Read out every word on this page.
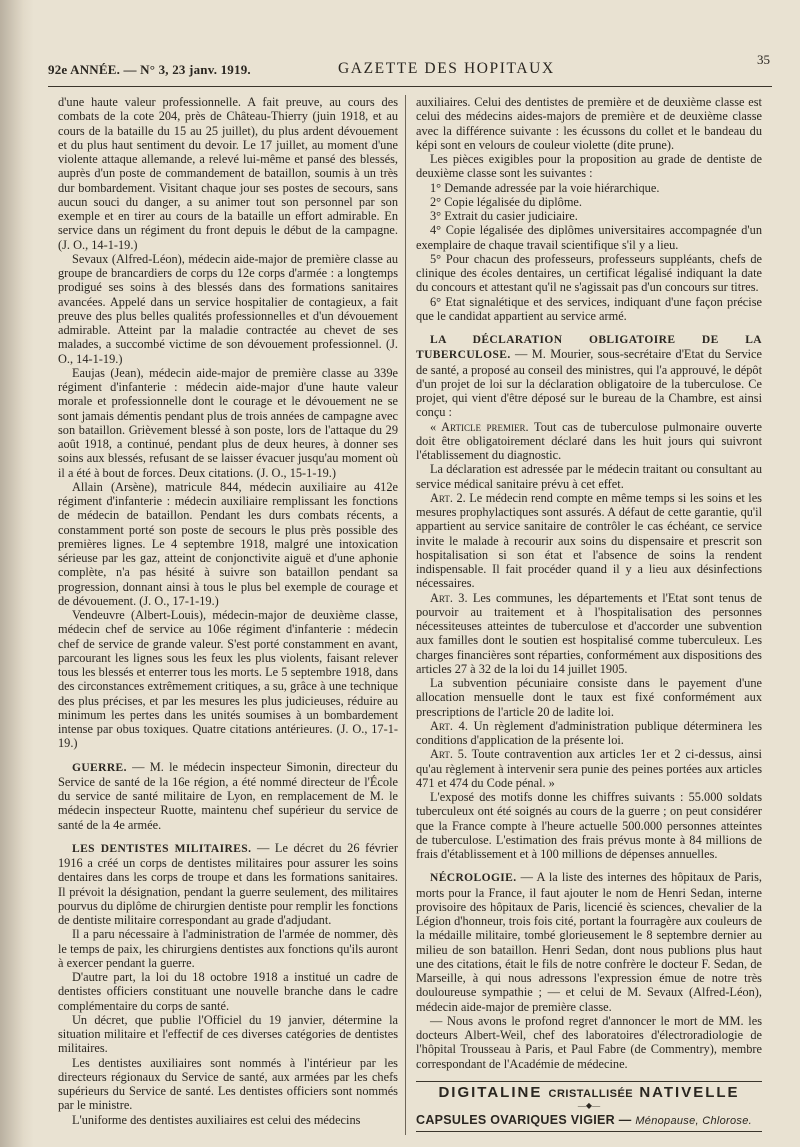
92e ANNÉE. — N° 3, 23 janv. 1919.	GAZETTE DES HOPITAUX
35

d'une haute valeur professionnelle. A fait preuve, au cours des combats de la cote 204, près de Château-Thierry (juin 1918, et au cours de la bataille du 15 au 25 juillet), du plus ardent dévouement et du plus haut sentiment du devoir. Le 17 juillet, au moment d'une violente attaque allemande, a relevé lui-même et pansé des blessés, auprès d'un poste de commandement de bataillon, soumis à un très dur bombardement. Visitant chaque jour ses postes de secours, sans aucun souci du danger, a su animer tout son personnel par son exemple et en tirer au cours de la bataille un effort admirable. En service dans un régiment du front depuis le début de la campagne. (J. O., 14-1-19.)

Sevaux (Alfred-Léon), médecin aide-major de première classe au groupe de brancardiers de corps du 12e corps d'armée : a longtemps prodigué ses soins à des blessés dans des formations sanitaires avancées. Appelé dans un service hospitalier de contagieux, a fait preuve des plus belles qualités professionnelles et d'un dévouement admirable. Atteint par la maladie contractée au chevet de ses malades, a succombé victime de son dévouement professionnel. (J. O., 14-1-19.)

Eaujas (Jean), médecin aide-major de première classe au 339e régiment d'infanterie : médecin aide-major d'une haute valeur morale et professionnelle dont le courage et le dévouement ne se sont jamais démentis pendant plus de trois années de campagne avec son bataillon. Grièvement blessé à son poste, lors de l'attaque du 29 août 1918, a continué, pendant plus de deux heures, à donner ses soins aux blessés, refusant de se laisser évacuer jusqu'au moment où il a été à bout de forces. Deux citations. (J. O., 15-1-19.)

Allain (Arsène), matricule 844, médecin auxiliaire au 412e régiment d'infanterie : médecin auxiliaire remplissant les fonctions de médecin de bataillon. Pendant les durs combats récents, a constamment porté son poste de secours le plus près possible des premières lignes. Le 4 septembre 1918, malgré une intoxication sérieuse par les gaz, atteint de conjonctivite aiguë et d'une aphonie complète, n'a pas hésité à suivre son bataillon pendant sa progression, donnant ainsi à tous le plus bel exemple de courage et de dévouement. (J. O., 17-1-19.)

Vendeuvre (Albert-Louis), médecin-major de deuxième classe, médecin chef de service au 106e régiment d'infanterie : médecin chef de service de grande valeur. S'est porté constamment en avant, parcourant les lignes sous les feux les plus violents, faisant relever tous les blessés et enterrer tous les morts. Le 5 septembre 1918, dans des circonstances extrêmement critiques, a su, grâce à une technique des plus précises, et par les mesures les plus judicieuses, réduire au minimum les pertes dans les unités soumises à un bombardement intense par obus toxiques. Quatre citations antérieures. (J. O., 17-1-19.)

GUERRE. — M. le médecin inspecteur Simonin, directeur du Service de santé de la 16e région, a été nommé directeur de l'École du service de santé militaire de Lyon, en remplacement de M. le médecin inspecteur Ruotte, maintenu chef supérieur du service de santé de la 4e armée.

LES DENTISTES MILITAIRES. — Le décret du 26 février 1916 a créé un corps de dentistes militaires pour assurer les soins dentaires dans les corps de troupe et dans les formations sanitaires. Il prévoit la désignation, pendant la guerre seulement, des militaires pourvus du diplôme de chirurgien dentiste pour remplir les fonctions de dentiste militaire correspondant au grade d'adjudant.

Il a paru nécessaire à l'administration de l'armée de nommer, dès le temps de paix, les chirurgiens dentistes aux fonctions qu'ils auront à exercer pendant la guerre.

D'autre part, la loi du 18 octobre 1918 a institué un cadre de dentistes officiers constituant une nouvelle branche dans le cadre complémentaire du corps de santé.

Un décret, que publie l'Officiel du 19 janvier, détermine la situation militaire et l'effectif de ces diverses catégories de dentistes militaires.

Les dentistes auxiliaires sont nommés à l'intérieur par les directeurs régionaux du Service de santé, aux armées par les chefs supérieurs du Service de santé. Les dentistes officiers sont nommés par le ministre.

L'uniforme des dentistes auxiliaires est celui des médecins

auxiliaires. Celui des dentistes de première et de deuxième classe est celui des médecins aides-majors de première et de deuxième classe avec la différence suivante : les écussons du collet et le bandeau du képi sont en velours de couleur violette (dite prune).

Les pièces exigibles pour la proposition au grade de dentiste de deuxième classe sont les suivantes :

1° Demande adressée par la voie hiérarchique.

2° Copie légalisée du diplôme.

3° Extrait du casier judiciaire.

4° Copie légalisée des diplômes universitaires accompagnée d'un exemplaire de chaque travail scientifique s'il y a lieu.

5° Pour chacun des professeurs, professeurs suppléants, chefs de clinique des écoles dentaires, un certificat légalisé indiquant la date du concours et attestant qu'il ne s'agissait pas d'un concours sur titres.

6° Etat signalétique et des services, indiquant d'une façon précise que le candidat appartient au service armé.

LA DÉCLARATION OBLIGATOIRE DE LA TUBERCULOSE. — M. Mourier, sous-secrétaire d'Etat du Service de santé, a proposé au conseil des ministres, qui l'a approuvé, le dépôt d'un projet de loi sur la déclaration obligatoire de la tuberculose. Ce projet, qui vient d'être déposé sur le bureau de la Chambre, est ainsi conçu :

« Article premier. Tout cas de tuberculose pulmonaire ouverte doit être obligatoirement déclaré dans les huit jours qui suivront l'établissement du diagnostic.

La déclaration est adressée par le médecin traitant ou consultant au service médical sanitaire prévu à cet effet.

Art. 2. Le médecin rend compte en même temps si les soins et les mesures prophylactiques sont assurés. A défaut de cette garantie, qu'il appartient au service sanitaire de contrôler le cas échéant, ce service invite le malade à recourir aux soins du dispensaire et prescrit son hospitalisation si son état et l'absence de soins la rendent indispensable. Il fait procéder quand il y a lieu aux désinfections nécessaires.

Art. 3. Les communes, les départements et l'Etat sont tenus de pourvoir au traitement et à l'hospitalisation des personnes nécessiteuses atteintes de tuberculose et d'accorder une subvention aux familles dont le soutien est hospitalisé comme tuberculeux. Les charges financières sont réparties, conformément aux dispositions des articles 27 à 32 de la loi du 14 juillet 1905.

La subvention pécuniaire consiste dans le payement d'une allocation mensuelle dont le taux est fixé conformément aux prescriptions de l'article 20 de ladite loi.

Art. 4. Un règlement d'administration publique déterminera les conditions d'application de la présente loi.

Art. 5. Toute contravention aux articles 1er et 2 ci-dessus, ainsi qu'au règlement à intervenir sera punie des peines portées aux articles 471 et 474 du Code pénal. »

L'exposé des motifs donne les chiffres suivants : 55.000 soldats tuberculeux ont été soignés au cours de la guerre ; on peut considérer que la France compte à l'heure actuelle 500.000 personnes atteintes de tuberculose. L'estimation des frais prévus monte à 84 millions de frais d'établissement et à 100 millions de dépenses annuelles.

NÉCROLOGIE. — A la liste des internes des hôpitaux de Paris, morts pour la France, il faut ajouter le nom de Henri Sedan, interne provisoire des hôpitaux de Paris, licencié ès sciences, chevalier de la Légion d'honneur, trois fois cité, portant la fourragère aux couleurs de la médaille militaire, tombé glorieusement le 8 septembre dernier au milieu de son bataillon. Henri Sedan, dont nous publions plus haut une des citations, était le fils de notre confrère le docteur F. Sedan, de Marseille, à qui nous adressons l'expression émue de notre très douloureuse sympathie ; — et celui de M. Sevaux (Alfred-Léon), médecin aide-major de première classe.

— Nous avons le profond regret d'annoncer le mort de MM. les docteurs Albert-Weil, chef des laboratoires d'électroradiologie de l'hôpital Trousseau à Paris, et Paul Fabre (de Commentry), membre correspondant de l'Académie de médecine.

DIGITALINE CRISTALLISÉE NATIVELLE
—◆—
CAPSULES OVARIQUES VIGIER — Ménopause, Chlorose.
